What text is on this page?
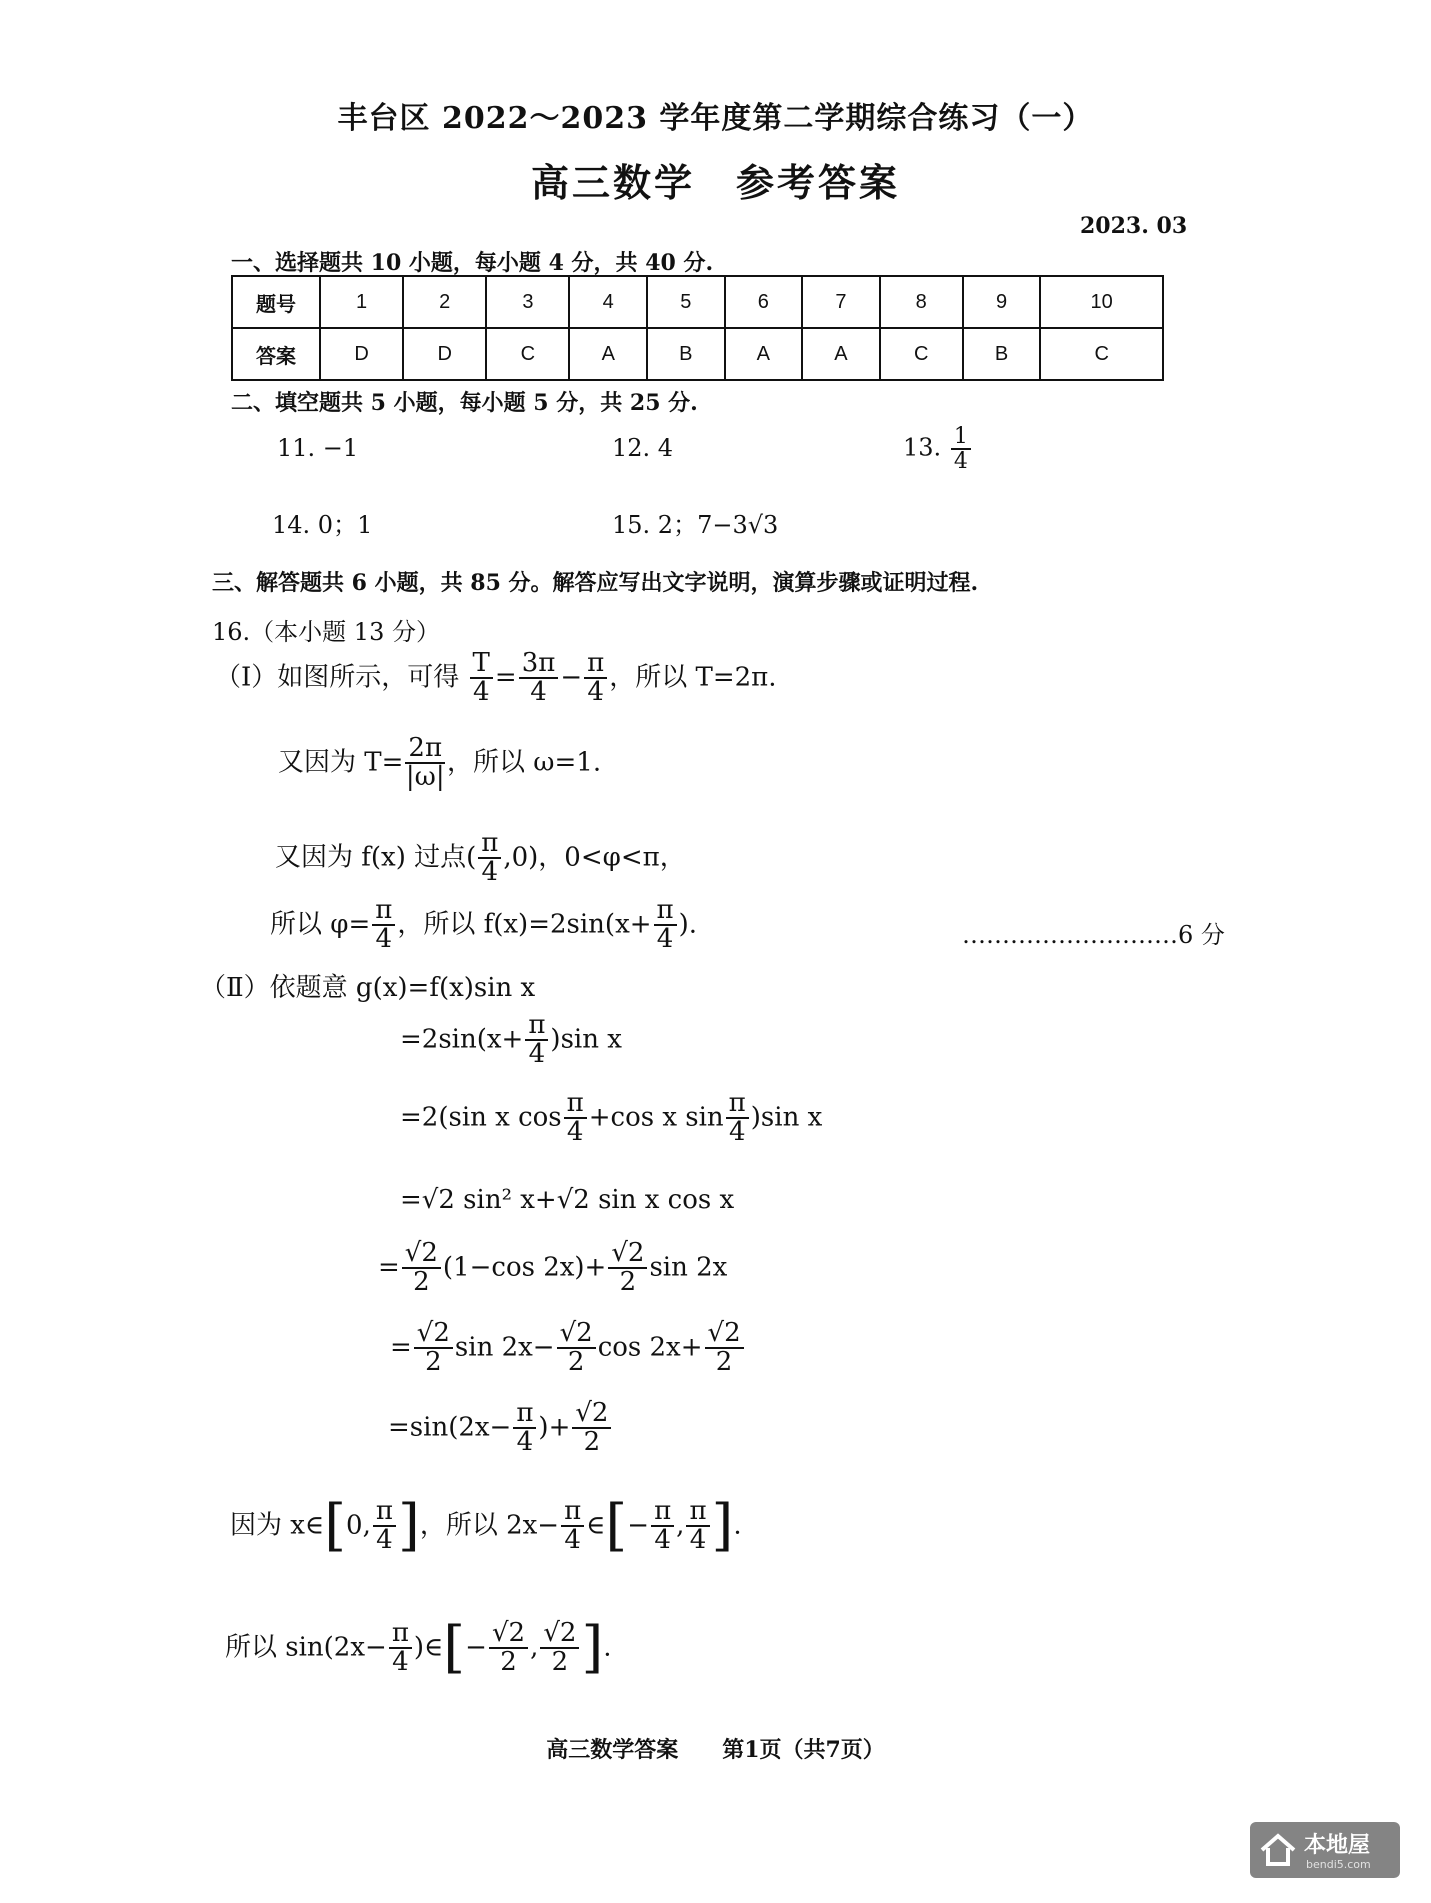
丰台区 2022～2023 学年度第二学期综合练习（一）
高三数学　参考答案
2023. 03
一、选择题共 10 小题，每小题 4 分，共 40 分.
题号	1	2	3	4	5	6	7	8	9	10
答案	D	D	C	A	B	A	A	C	B	C
二、填空题共 5 小题，每小题 5 分，共 25 分.
11. −1	12. 4	13. $\frac{1}{4}$
14. 0；1	15. 2；7−3√3
三、解答题共 6 小题，共 85 分。解答应写出文字说明，演算步骤或证明过程.
16.（本小题 13 分）
（Ⅰ）如图所示，可得 $\frac{T}{4} = \frac{3\pi}{4} - \frac{\pi}{4}$ ，所以 T=2π.
又因为 $T= \frac{2\pi}{|\omega|}$ ，所以 ω=1.
又因为 f(x) 过点( $\frac{\pi}{4} ,0$)，0<φ<π，
所以 $\varphi= \frac{\pi}{4}$ ，所以 $f(x)=2\sin(x+ \frac{\pi}{4}$ ).	………………………6 分
（Ⅱ）依题意 g(x)=f(x)sin x
$=2\sin(x+ \frac{\pi}{4} )\sin$ x
=2(sin x $\cos \frac{\pi}{4} +\cos$ x $\sin \frac{\pi}{4} )\sin$ x
=√2 sin² x+√2 sin x cos x
= $\frac{√2}{2} (1-\cos$ $2x)+ \frac{√2}{2}$ sin 2x
= $\frac{√2}{2}$ $\sin 2x- \frac{√2}{2}$ $\cos 2x+ \frac{√2}{2}$
$=\sin(2x- \frac{\pi}{4}$ )+ $\frac{√2}{2}$
因为 x∈[0, $\frac{\pi}{4}$ ]，所以 $2x- \frac{\pi}{4}$ ∈[− $\frac{\pi}{4}$ , $\frac{\pi}{4}$ ].
所以 $\sin(2x- \frac{\pi}{4}$ )∈[− $\frac{√2}{2}$ , $\frac{√2}{2}$ ].
高三数学答案　　第1页（共7页）
本地屋
bendi5.com
